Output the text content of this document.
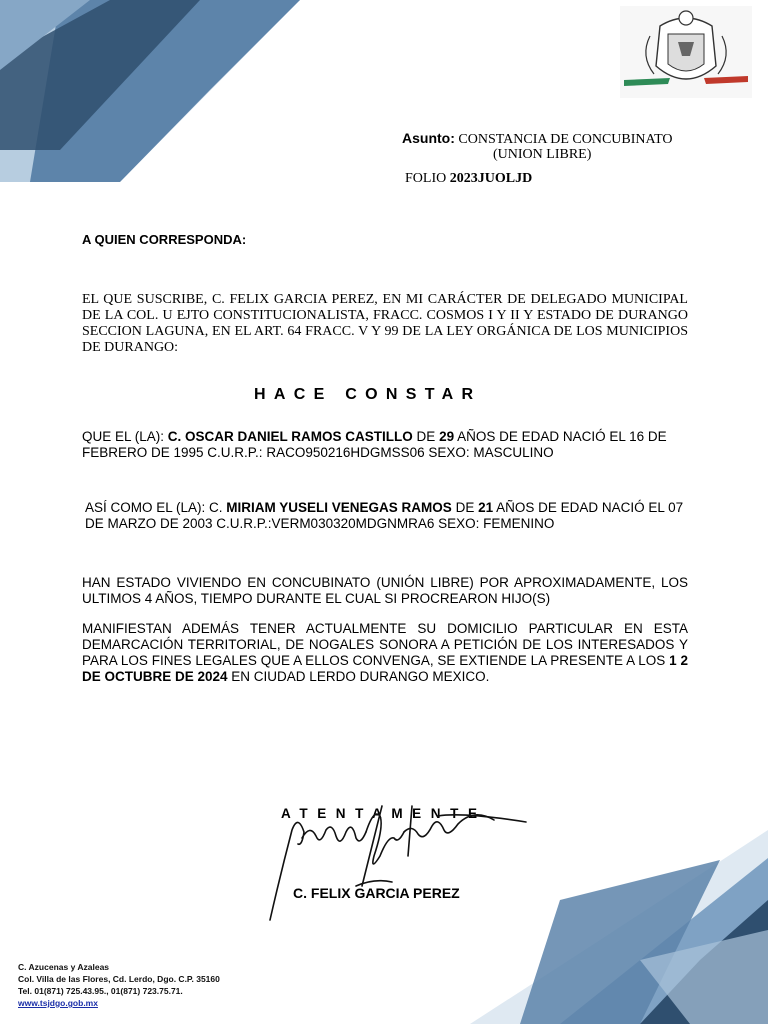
Asunto: CONSTANCIA DE CONCUBINATO
(UNION LIBRE)
FOLIO 2023JUOLJD
A QUIEN CORRESPONDA:
EL QUE SUSCRIBE, C. FELIX GARCIA PEREZ, EN MI CARÁCTER DE DELEGADO MUNICIPAL DE LA COL. U EJTO CONSTITUCIONALISTA, FRACC. COSMOS I Y II Y ESTADO DE DURANGO SECCION LAGUNA, EN EL ART. 64 FRACC. V Y 99 DE LA LEY ORGÁNICA DE LOS MUNICIPIOS DE DURANGO:
HACE CONSTAR
QUE EL (LA): C. OSCAR DANIEL RAMOS CASTILLO DE 29 AÑOS DE EDAD NACIÓ EL 16 DE FEBRERO DE 1995 C.U.R.P.: RACO950216HDGMSS06 SEXO: MASCULINO
ASÍ COMO EL (LA): C. MIRIAM YUSELI VENEGAS RAMOS DE 21 AÑOS DE EDAD NACIÓ EL 07 DE MARZO DE 2003 C.U.R.P.:VERM030320MDGNMRA6 SEXO: FEMENINO
HAN ESTADO VIVIENDO EN CONCUBINATO (UNIÓN LIBRE) POR APROXIMADAMENTE, LOS ULTIMOS 4 AÑOS, TIEMPO DURANTE EL CUAL SI PROCREARON HIJO(S)
MANIFIESTAN ADEMÁS TENER ACTUALMENTE SU DOMICILIO PARTICULAR EN ESTA DEMARCACIÓN TERRITORIAL, DE NOGALES SONORA A PETICIÓN DE LOS INTERESADOS Y PARA LOS FINES LEGALES QUE A ELLOS CONVENGA, SE EXTIENDE LA PRESENTE A LOS 1 2 DE OCTUBRE DE 2024 EN CIUDAD LERDO DURANGO MEXICO.
ATENTAMENTE
C. FELIX GARCIA PEREZ
C. Azucenas y Azaleas
Col. Villa de las Flores, Cd. Lerdo, Dgo. C.P. 35160
Tel. 01(871) 725.43.95., 01(871) 723.75.71.
www.tsjdgo.gob.mx
